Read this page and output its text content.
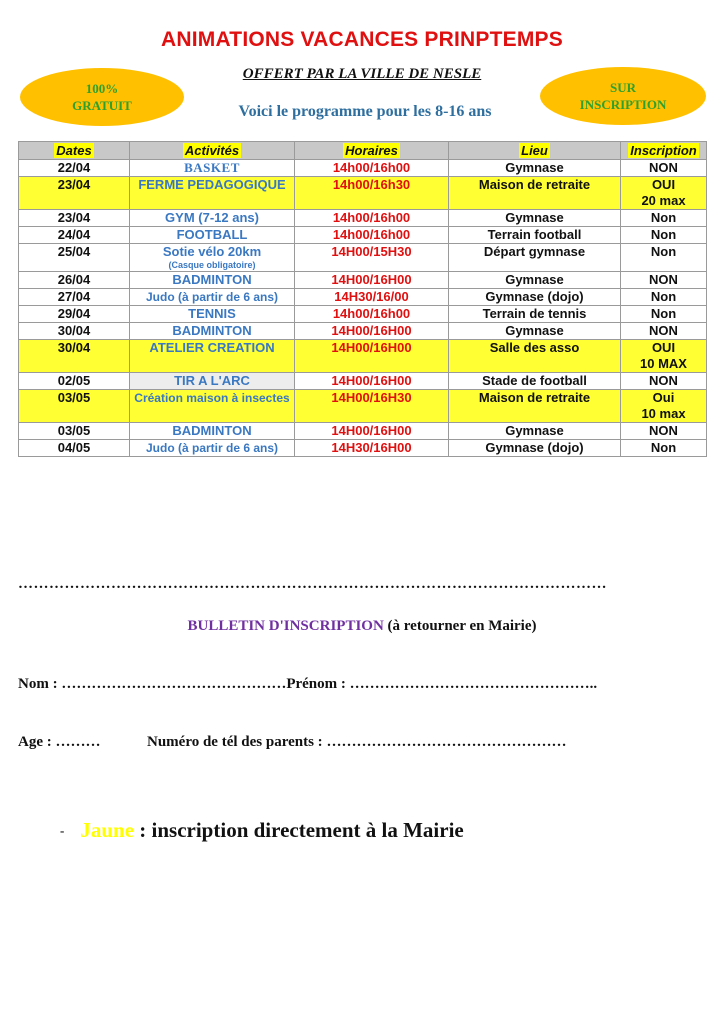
ANIMATIONS VACANCES PRINPTEMPS
OFFERT PAR LA VILLE DE NESLE
100%
GRATUIT
SUR
INSCRIPTION
Voici le programme pour les 8-16 ans
Dates	Activités	Horaires	Lieu	Inscription
22/04	BASKET	14h00/16h00	Gymnase	NON
23/04	FERME PEDAGOGIQUE	14h00/16h30	Maison de retraite	OUI
20 max

23/04	GYM (7-12 ans)	14h00/16h00	Gymnase	Non
24/04	FOOTBALL	14h00/16h00	Terrain football	Non
25/04	Sotie vélo 20km
(Casque obligatoire)	14H00/15H30	Départ gymnase	Non
26/04	BADMINTON	14H00/16H00	Gymnase	NON
27/04	Judo (à partir de 6 ans)	14H30/16/00	Gymnase (dojo)	Non
29/04	TENNIS	14h00/16h00	Terrain de tennis	Non
30/04	BADMINTON	14H00/16H00	Gymnase	NON
30/04	ATELIER CREATION	14H00/16H00	Salle des asso	OUI
10 MAX

02/05	TIR A L'ARC	14H00/16H00	Stade de football	NON
03/05	Création maison à insectes	14H00/16H30	Maison de retraite	Oui
10 max

03/05	BADMINTON	14H00/16H00	Gymnase	NON
04/05	Judo (à partir de 6 ans)	14H30/16H00	Gymnase (dojo)	Non
……………………………………………………………………………………………………
BULLETIN D'INSCRIPTION (à retourner en Mairie)
Nom : ………………………………………Prénom : …………………………………………..
Age : ………	Numéro de tél des parents : …………………………………………
- Jaune : inscription directement à la Mairie
